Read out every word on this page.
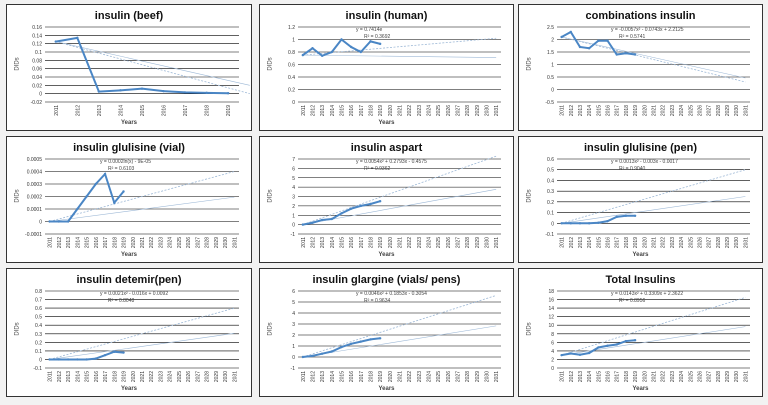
-0.02
0
0.02
0.04
0.06
0.08
0.1
0.12
0.14
0.16
2011	2012	2013	2014	2015	2016	2017	2018	2019
insulin (beef)
DIDs
Years
0
0.2
0.4
0.6
0.8
1
1.2
2011 2012 2013 2014 2015 2016 2017 2018 2019 2020 2021 2022 2023 2024 2025 2026 2027 2028 2029 2030 2031
insulin (human)
DIDs
Years
y = 0.7414e
R² = 0.3692
-0.5
0
0.5
1
1.5
2
2.5
2011 2012 2013 2014 2015 2016 2017 2018 2019 2020 2021 2022 2023 2024 2025 2026 2027 2028 2029 2030 2031
combinations insulin
DIDs
y = -0.0057x² - 0.0743x + 2.2125
R² = 0.5741
-0.0001
0
0.0001
0.0002
0.0003
0.0004
0.0005
2011 2012 2013 2014 2015 2016 2017 2018 2019 2020 2021 2022 2023 2024 2025 2026 2027 2028 2029 2030 2031
insulin glulisine (vial)
DIDs
Years
y = 0.0002ln(x) - 9E-05
R² = 0.6103
-1
0
1
2
3
4
5
6
7
2011 2012 2013 2014 2015 2016 2017 2018 2019 2020 2021 2022 2023 2024 2025 2026 2027 2028 2029 2030 2031
insulin aspart
DIDs
Years
y = 0.0054x² + 0.2793x - 0.4575
R² = 0.9362
-0.1
0
0.1
0.2
0.3
0.4
0.5
0.6
2011 2012 2013 2014 2015 2016 2017 2018 2019 2020 2021 2022 2023 2024 2025 2026 2027 2028 2029 2030 2031
insulin glulisine (pen)
DIDs
Years
y = 0.0013x² - 0.003x - 0.0017
R² = 0.9040
-0.1
0
0.1
0.2
0.3
0.4
0.5
0.6
0.7
0.8
2011 2012 2013 2014 2015 2016 2017 2018 2019 2020 2021 2022 2023 2024 2025 2026 2027 2028 2029 2030 2031
insulin detemir(pen)
DIDs
Years
y = 0.0021x² - 0.016x + 0.0092
R² = 0.8048
-1
0
1
2
3
4
5
6
2011 2012 2013 2014 2015 2016 2017 2018 2019 2020 2021 2022 2023 2024 2025 2026 2027 2028 2029 2030 2031
insulin glargine (vials/ pens)
DIDs
Years
y = 0.0046x² + 0.1853x - 0.3054
R² = 0.9634
0
2
4
6
8
10
12
14
16
18
2011 2012 2013 2014 2015 2016 2017 2018 2019 2020 2021 2022 2023 2024 2025 2026 2027 2028 2029 2030 2031
Total Insulins
DIDs
Years
y = 0.0143x² + 0.3309x + 2.3622
R² = 0.8956
